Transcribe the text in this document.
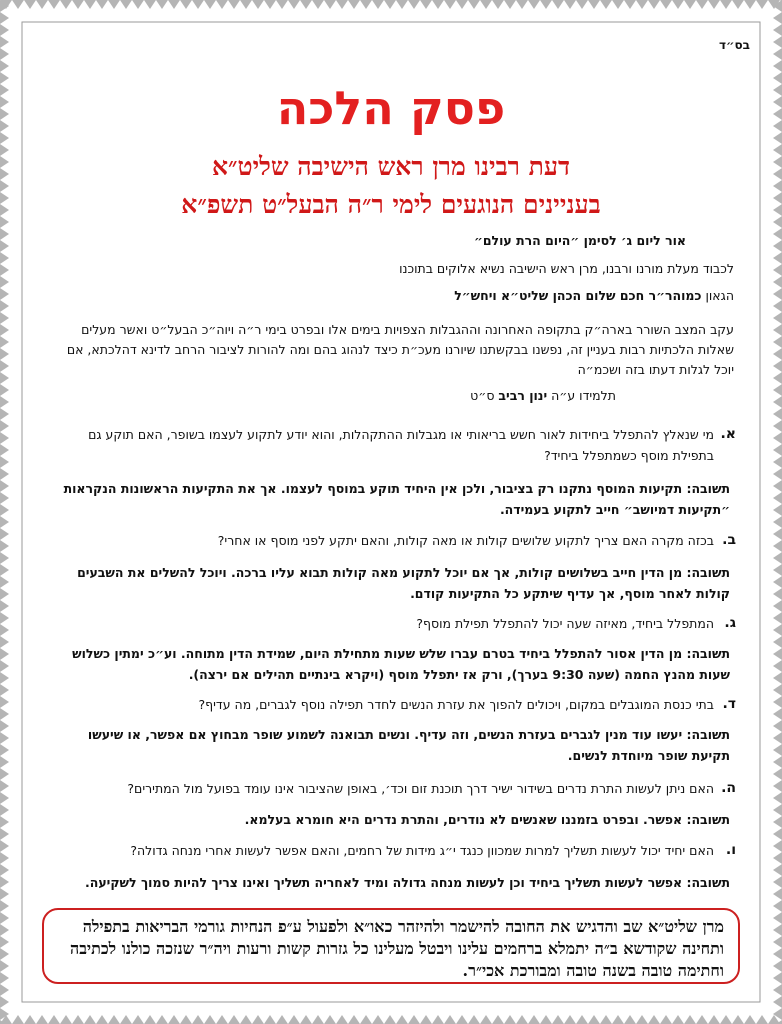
בס״ד
פסק הלכה
דעת רבינו מרן ראש הישיבה שליט״א
בעניינים הנוגעים לימי ר״ה הבעל״ט תשפ״א
אור ליום ג׳ לסימן ״היום הרת עולם״
לכבוד מעלת מורנו ורבנו, מרן ראש הישיבה נשיא אלוקים בתוכנו
הגאון כמוהר״ר חכם שלום הכהן שליט״א ויחש״ל
עקב המצב השורר בארה״ק בתקופה האחרונה וההגבלות הצפויות בימים אלו ובפרט בימי ר״ה ויוה״כ הבעל״ט ואשר מעלים שאלות הלכתיות רבות בעניין זה, נפשנו בבקשתנו שיורנו מעכ״ת כיצד לנהוג בהם ומה להורות לציבור הרחב לדינא דהלכתא, אם יוכל לגלות דעתו בזה ושכמ״ה
תלמידו ע״ה ינון רביב ס״ט
א.
מי שנאלץ להתפלל ביחידות לאור חשש בריאותי או מגבלות ההתקהלות, והוא יודע לתקוע לעצמו בשופר, האם תוקע גם בתפילת מוסף כשמתפלל ביחיד?
תשובה: תקיעות המוסף נתקנו רק בציבור, ולכן אין היחיד תוקע במוסף לעצמו. אך את התקיעות הראשונות הנקראות ״תקיעות דמיושב״ חייב לתקוע בעמידה.
ב.
בכזה מקרה האם צריך לתקוע שלושים קולות או מאה קולות, והאם יתקע לפני מוסף או אחרי?
תשובה: מן הדין חייב בשלושים קולות, אך אם יוכל לתקוע מאה קולות תבוא עליו ברכה. ויוכל להשלים את השבעים קולות לאחר מוסף, אך עדיף שיתקע כל התקיעות קודם.
ג.
המתפלל ביחיד, מאיזה שעה יכול להתפלל תפילת מוסף?
תשובה: מן הדין אסור להתפלל ביחיד בטרם עברו שלש שעות מתחילת היום, שמידת הדין מתוחה. וע״כ ימתין כשלוש שעות מהנץ החמה (שעה 9:30 בערך), ורק אז יתפלל מוסף (ויקרא בינתיים תהילים אם ירצה).
ד.
בתי כנסת המוגבלים במקום, ויכולים להפוך את עזרת הנשים לחדר תפילה נוסף לגברים, מה עדיף?
תשובה: יעשו עוד מנין לגברים בעזרת הנשים, וזה עדיף. ונשים תבואנה לשמוע שופר מבחוץ אם אפשר, או שיעשו תקיעת שופר מיוחדת לנשים.
ה.
האם ניתן לעשות התרת נדרים בשידור ישיר דרך תוכנת זום וכד׳, באופן שהציבור אינו עומד בפועל מול המתירים?
תשובה: אפשר. ובפרט בזמננו שאנשים לא נודרים, והתרת נדרים היא חומרא בעלמא.
ו.
האם יחיד יכול לעשות תשליך למרות שמכוון כנגד י״ג מידות של רחמים, והאם אפשר לעשות אחרי מנחה גדולה?
תשובה: אפשר לעשות תשליך ביחיד וכן לעשות מנחה גדולה ומיד לאחריה תשליך ואינו צריך להיות סמוך לשקיעה.
מרן שליט״א שב והדגיש את החובה להישמר ולהיזהר כאו״א ולפעול ע״פ הנחיות גורמי הבריאות בתפילה ותחינה שקודשא ב״ה יתמלא ברחמים עלינו ויבטל מעלינו כל גזרות קשות ורעות ויה״ר שנזכה כולנו לכתיבה וחתימה טובה בשנה טובה ומבורכת אכי״ר.
